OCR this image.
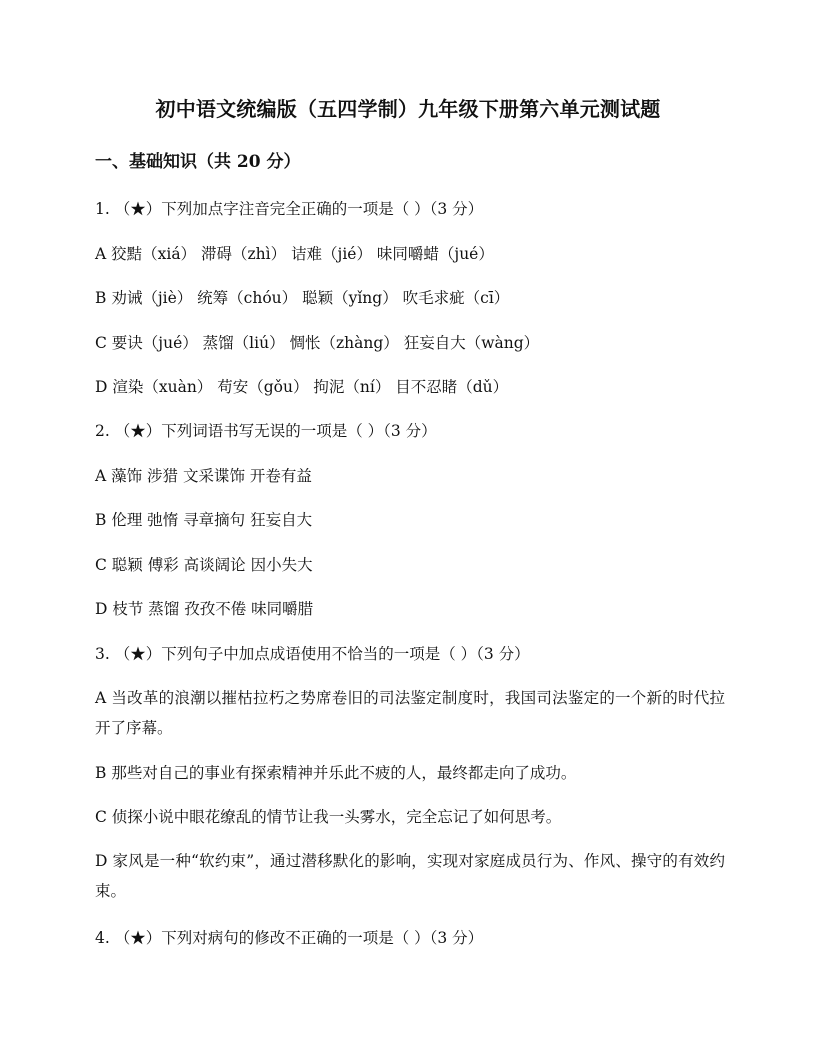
初中语文统编版（五四学制）九年级下册第六单元测试题
一、基础知识（共 20 分）
1. （★）下列加点字注音完全正确的一项是（ ）（3 分）
A 狡黠（xiá） 滞碍（zhì） 诘难（jié） 味同嚼蜡（jué）
B 劝诫（jiè） 统筹（chóu） 聪颖（yǐng） 吹毛求疵（cī）
C 要诀（jué） 蒸馏（liú） 惆怅（zhàng） 狂妄自大（wàng）
D 渲染（xuàn） 苟安（gǒu） 拘泥（ní） 目不忍睹（dǔ）
2. （★）下列词语书写无误的一项是（ ）（3 分）
A 藻饰 涉猎 文采谍饰 开卷有益
B 伦理 弛惰 寻章摘句 狂妄自大
C 聪颖 傅彩 高谈阔论 因小失大
D 枝节 蒸馏 孜孜不倦 味同嚼腊
3. （★）下列句子中加点成语使用不恰当的一项是（ ）（3 分）
A 当改革的浪潮以摧枯拉朽之势席卷旧的司法鉴定制度时，我国司法鉴定的一个新的时代拉开了序幕。
B 那些对自己的事业有探索精神并乐此不疲的人，最终都走向了成功。
C 侦探小说中眼花缭乱的情节让我一头雾水，完全忘记了如何思考。
D 家风是一种“软约束”，通过潜移默化的影响，实现对家庭成员行为、作风、操守的有效约束。
4. （★）下列对病句的修改不正确的一项是（ ）（3 分）
